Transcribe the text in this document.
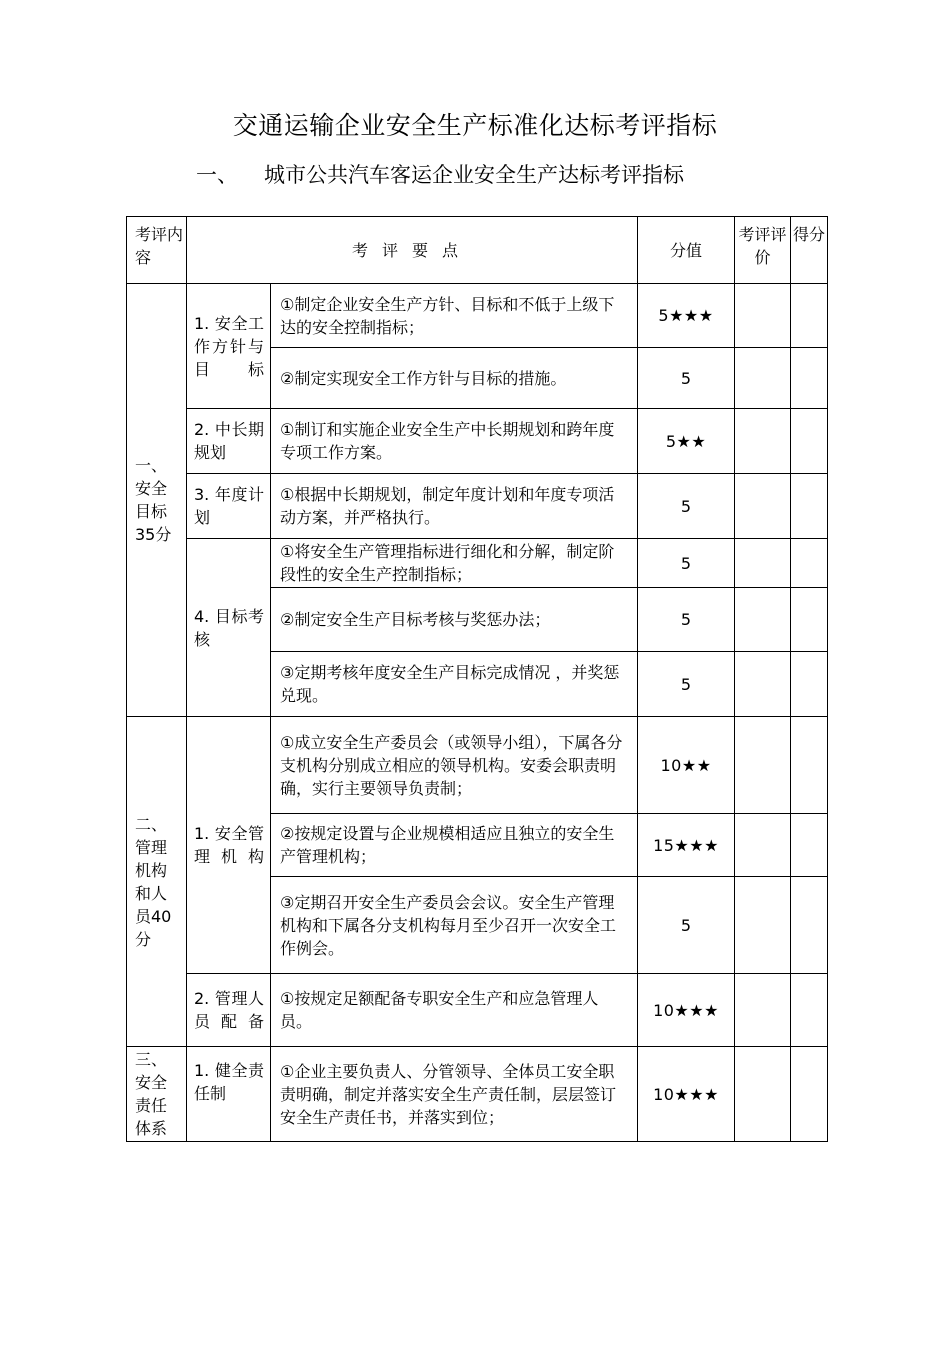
交通运输企业安全生产标准化达标考评指标
一、 城市公共汽车客运企业安全生产达标考评指标
考评内容	考评要点		分值	考评评价	得分
一、安全目标35分	1. 安全工作方针与目标	①制定企业安全生产方针、目标和不低于上级下达的安全控制指标；	5★★★		
		②制定实现安全工作方针与目标的措施。	5		
	2. 中长期规划	①制订和实施企业安全生产中长期规划和跨年度专项工作方案。	5★★		
	3. 年度计划	①根据中长期规划，制定年度计划和年度专项活动方案，并严格执行。	5		
	4. 目标考核	①将安全生产管理指标进行细化和分解，制定阶段性的安全生产控制指标；	5		
		②制定安全生产目标考核与奖惩办法；	5		
		③定期考核年度安全生产目标完成情况 ，并奖惩兑现。	5		
二、管理机构和人员40分	1. 安全管理机构	①成立安全生产委员会（或领导小组），下属各分支机构分别成立相应的领导机构。安委会职责明确，实行主要领导负责制；	10★★		
		②按规定设置与企业规模相适应且独立的安全生产管理机构；	15★★★		
		③定期召开安全生产委员会会议。安全生产管理机构和下属各分支机构每月至少召开一次安全工作例会。	5		
	2. 管理人员配备	①按规定足额配备专职安全生产和应急管理人员。	10★★★		
三、安全责任体系	1. 健全责任制	①企业主要负责人、分管领导、全体员工安全职责明确，制定并落实安全生产责任制，层层签订安全生产责任书，并落实到位；	10★★★		
